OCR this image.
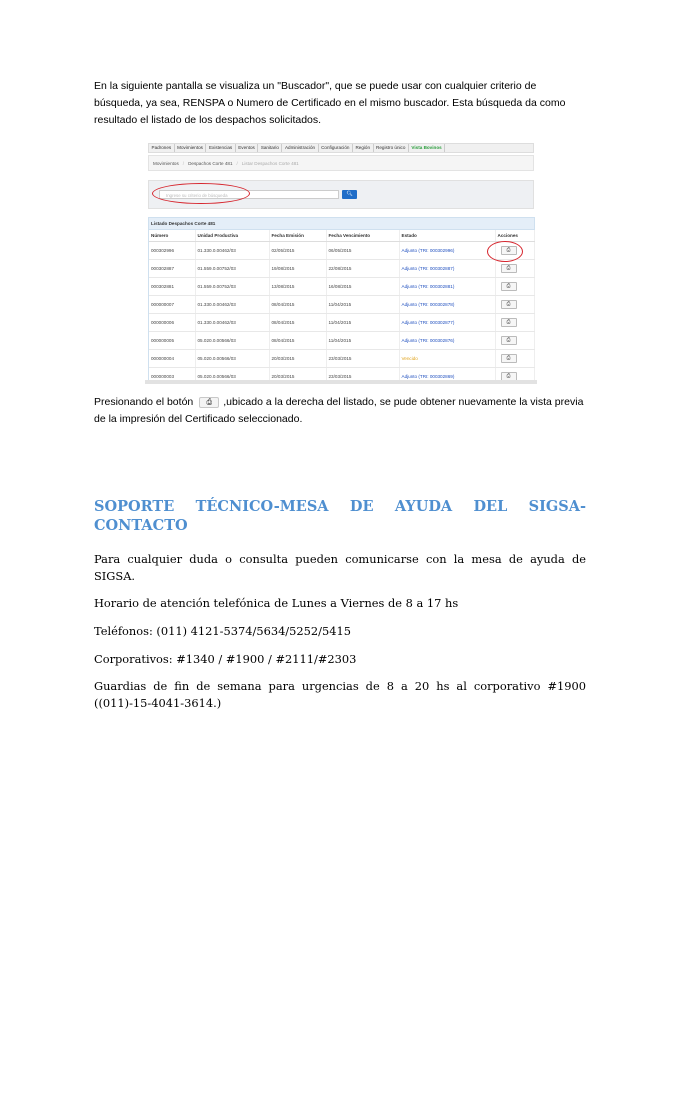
En la siguiente pantalla se visualiza un "Buscador", que se puede usar con cualquier criterio de búsqueda, ya sea, RENSPA o Numero de Certificado en el mismo buscador. Esta búsqueda da como resultado el listado de los despachos solicitados.
Padrones	Movimientos	Existencias	Eventos	Sanitario	Administración	Configuración	Región	Registro único	Vista Bovinos
Movimientos / Despachos Corte 481 / Listar Despachos Corte 481
Ingrese su criterio de búsqueda	🔍︎
Listado Despachos Corte 481
Número	Unidad Productiva	Fecha Emisión	Fecha Vencimiento	Estado	Acciones
000302996	01.330.0.00462/03	02/05/2015	06/05/2015	Adjunto (TRI: 000302996)	⎙
000302887	01.559.0.00752/03	19/08/2015	22/08/2015	Adjunto (TRI: 000302887)	⎙
000302881	01.559.0.00752/03	13/08/2015	16/08/2015	Adjunto (TRI: 000302881)	⎙
000000007	01.330.0.00462/03	08/04/2015	11/04/2015	Adjunto (TRI: 000302878)	⎙
000000006	01.330.0.00462/03	08/04/2015	11/04/2015	Adjunto (TRI: 000302877)	⎙
000000005	05.020.0.00566/03	08/04/2015	11/04/2015	Adjunto (TRI: 000302876)	⎙
000000004	05.020.0.00566/03	20/03/2015	23/03/2015	Vencido	⎙
000000003	05.020.0.00566/03	20/03/2015	23/03/2015	Adjunto (TRI: 000302869)	⎙
Presionando el botón ⎙ ,ubicado a la derecha del listado, se pude obtener nuevamente la vista previa de la impresión del Certificado seleccionado.
SOPORTE TÉCNICO-MESA DE AYUDA DEL SIGSA-

CONTACTO
Para cualquier duda o consulta pueden comunicarse con la mesa de ayuda de SIGSA.
Horario de atención telefónica de Lunes a Viernes de 8 a 17 hs
Teléfonos: (011) 4121-5374/5634/5252/5415
Corporativos: #1340 / #1900 / #2111/#2303
Guardias de fin de semana para urgencias de 8 a 20 hs al corporativo #1900 ((011)-15-4041-3614.)
